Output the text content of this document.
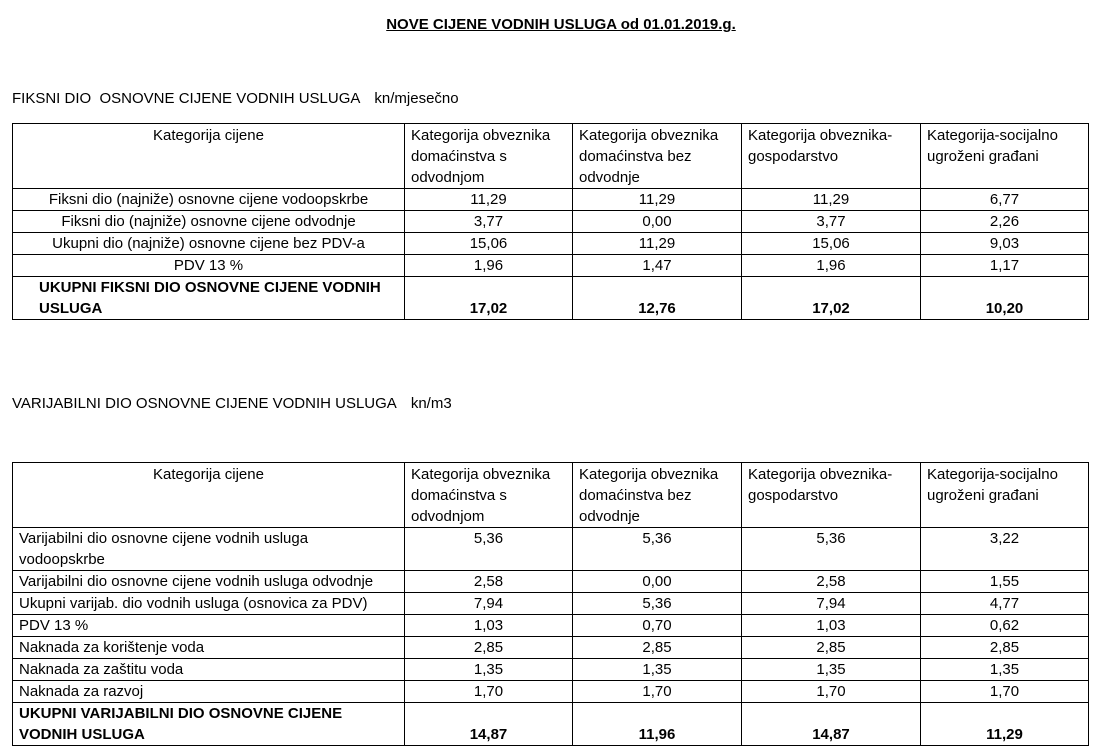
NOVE CIJENE VODNIH USLUGA od 01.01.2019.g.
FIKSNI DIO  OSNOVNE CIJENE VODNIH USLUGA kn/mjesečno
Kategorija cijene	Kategorija obveznika domaćinstva s odvodnjom	Kategorija obveznika domaćinstva bez odvodnje	Kategorija obveznika-gospodarstvo	Kategorija-socijalno ugroženi građani
Fiksni dio (najniže) osnovne cijene vodoopskrbe	11,29	11,29	11,29	6,77
Fiksni dio (najniže) osnovne cijene odvodnje	3,77	0,00	3,77	2,26
Ukupni dio (najniže) osnovne cijene bez PDV-a	15,06	11,29	15,06	9,03
PDV 13 %	1,96	1,47	1,96	1,17
UKUPNI FIKSNI DIO OSNOVNE CIJENE VODNIH USLUGA	17,02	12,76	17,02	10,20
VARIJABILNI DIO OSNOVNE CIJENE VODNIH USLUGA kn/m3
Kategorija cijene	Kategorija obveznika domaćinstva s odvodnjom	Kategorija obveznika domaćinstva bez odvodnje	Kategorija obveznika-gospodarstvo	Kategorija-socijalno ugroženi građani
Varijabilni dio osnovne cijene vodnih usluga vodoopskrbe	5,36	5,36	5,36	3,22
Varijabilni dio osnovne cijene vodnih usluga odvodnje	2,58	0,00	2,58	1,55
Ukupni varijab. dio vodnih usluga (osnovica za PDV)	7,94	5,36	7,94	4,77
PDV 13 %	1,03	0,70	1,03	0,62
Naknada za korištenje voda	2,85	2,85	2,85	2,85
Naknada za zaštitu voda	1,35	1,35	1,35	1,35
Naknada za razvoj	1,70	1,70	1,70	1,70
UKUPNI VARIJABILNI DIO OSNOVNE CIJENE VODNIH USLUGA	14,87	11,96	14,87	11,29
